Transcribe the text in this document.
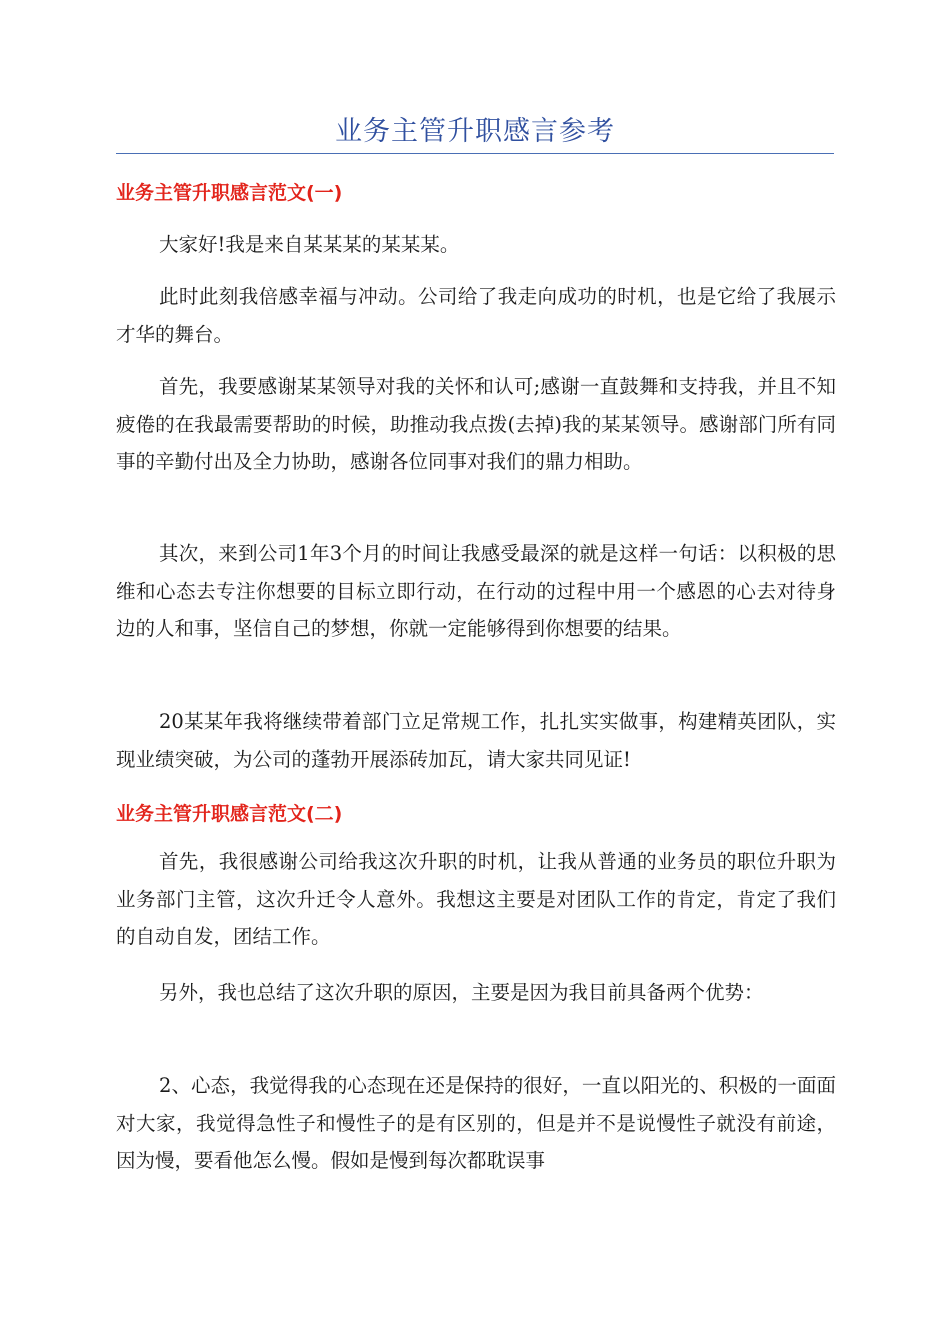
业务主管升职感言参考
业务主管升职感言范文(一)

大家好!我是来自某某某的某某某。

此时此刻我倍感幸福与冲动。公司给了我走向成功的时机，也是它给了我展示才华的舞台。

首先，我要感谢某某领导对我的关怀和认可;感谢一直鼓舞和支持我，并且不知疲倦的在我最需要帮助的时候，助推动我点拨(去掉)我的某某领导。感谢部门所有同事的辛勤付出及全力协助，感谢各位同事对我们的鼎力相助。

其次，来到公司1年3个月的时间让我感受最深的就是这样一句话：以积极的思维和心态去专注你想要的目标立即行动，在行动的过程中用一个感恩的心去对待身边的人和事，坚信自己的梦想，你就一定能够得到你想要的结果。

20某某年我将继续带着部门立足常规工作，扎扎实实做事，构建精英团队，实现业绩突破，为公司的蓬勃开展添砖加瓦，请大家共同见证!

业务主管升职感言范文(二)

首先，我很感谢公司给我这次升职的时机，让我从普通的业务员的职位升职为业务部门主管，这次升迁令人意外。我想这主要是对团队工作的肯定，肯定了我们的自动自发，团结工作。

另外，我也总结了这次升职的原因，主要是因为我目前具备两个优势：

2、心态，我觉得我的心态现在还是保持的很好，一直以阳光的、积极的一面面对大家，我觉得急性子和慢性子的是有区别的，但是并不是说慢性子就没有前途，因为慢，要看他怎么慢。假如是慢到每次都耽误事
